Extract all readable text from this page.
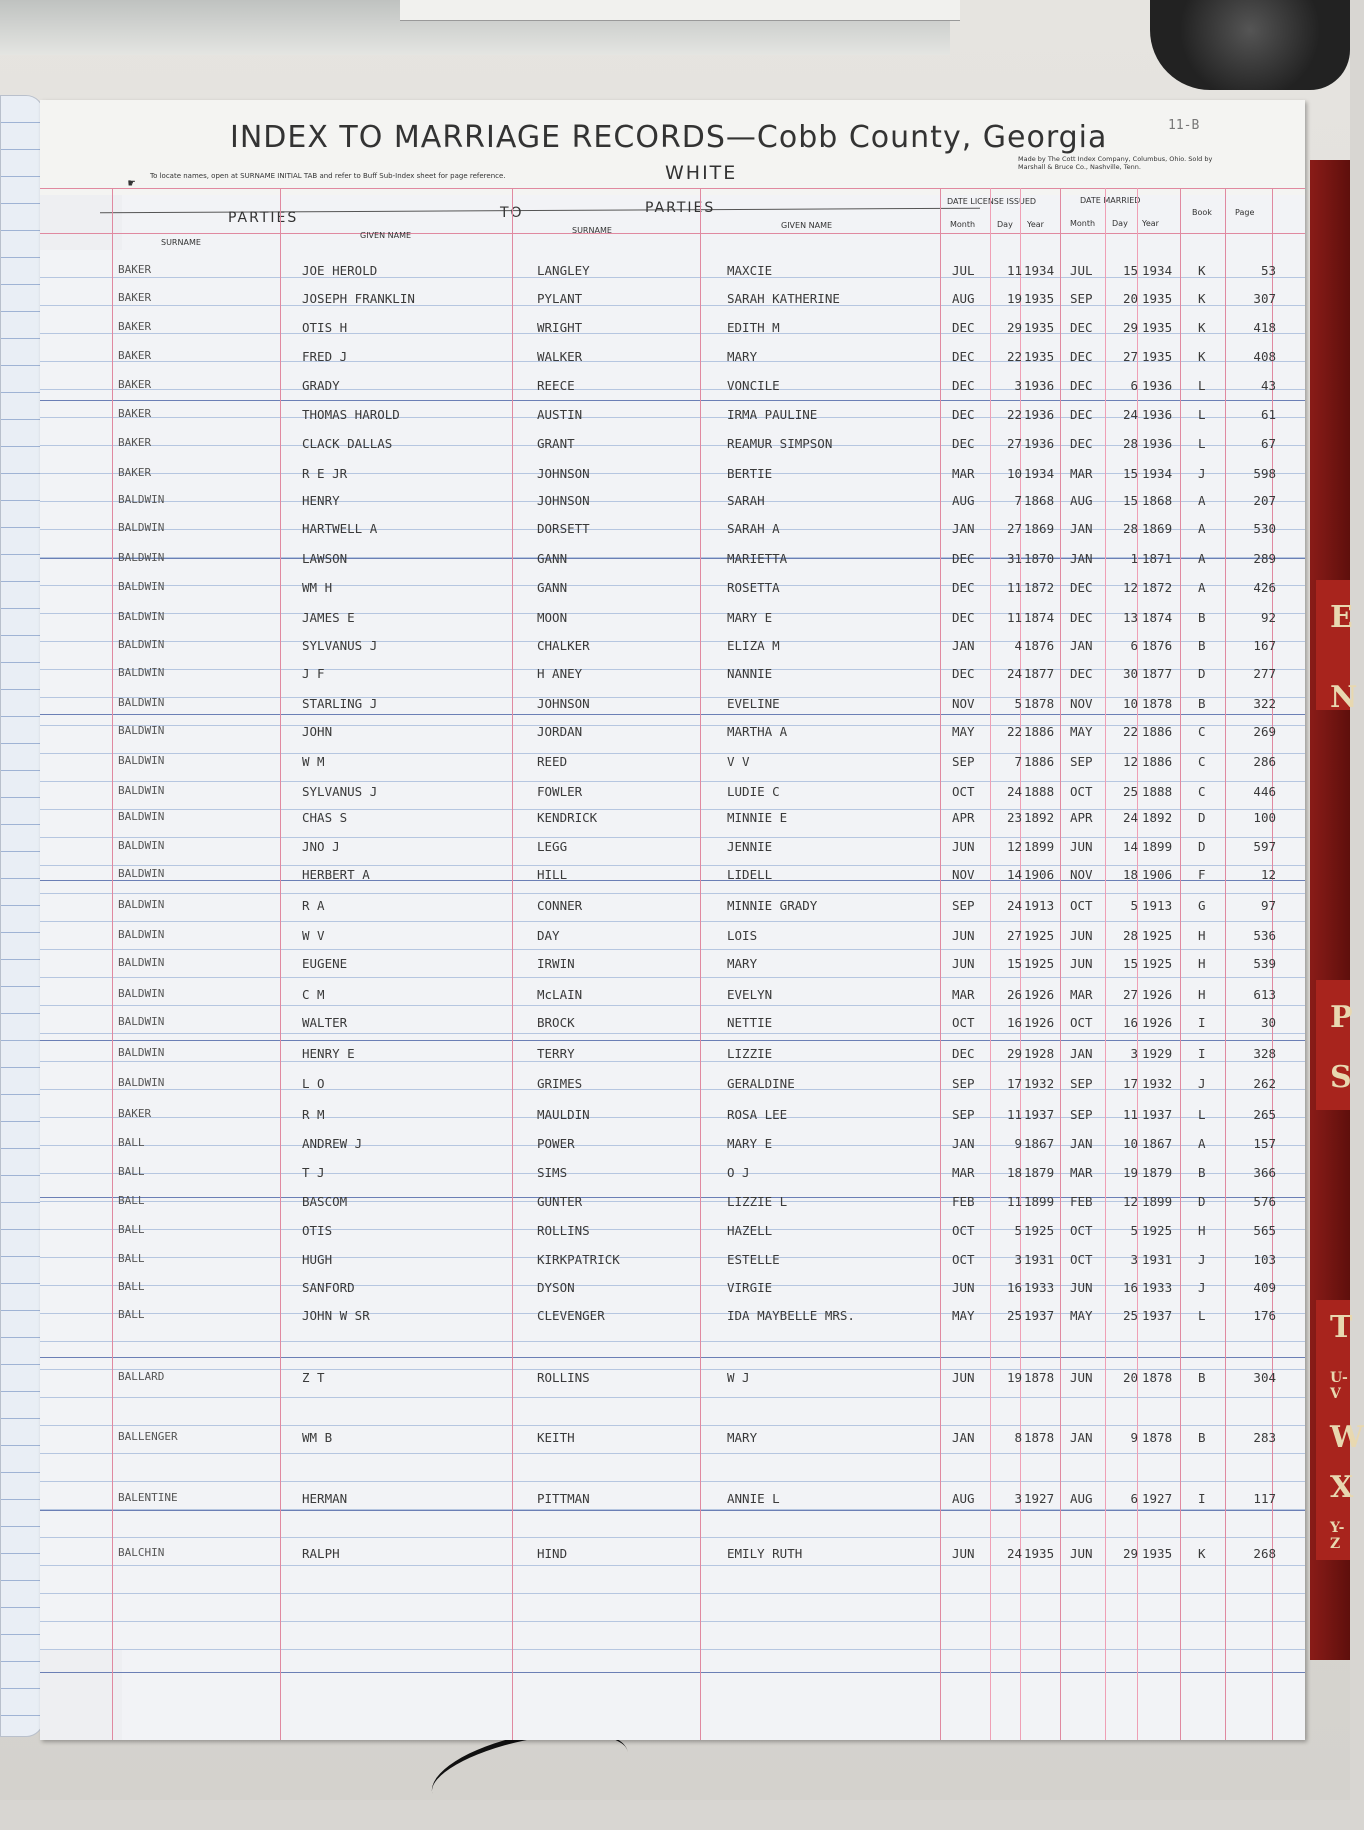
E
N
P
S
T
U-V
W
X
Y-Z
INDEX TO MARRIAGE RECORDS—Cobb County, Georgia
WHITE
11-B
☛ To locate names, open at SURNAME INITIAL TAB and refer to Buff Sub-Index sheet for page reference.
Made by The Cott Index Company, Columbus, Ohio. Sold by Marshall & Bruce Co., Nashville, Tenn.
PARTIES	TO	PARTIES
SURNAME
GIVEN NAME
SURNAME
GIVEN NAME
DATE LICENSE ISSUED	DATE MARRIED
Month	Day Year	Month Day Year
Book	Page
BAKER	JOE HEROLD	LANGLEY	MAXCIE	JUL	11 1934 JUL	15 1934 K	53
BAKER	JOSEPH FRANKLIN	PYLANT	SARAH KATHERINE	AUG	19 1935 SEP	20 1935 K	307
BAKER	OTIS H	WRIGHT	EDITH M	DEC	29 1935 DEC	29 1935 K	418
BAKER	FRED J	WALKER	MARY	DEC	22 1935 DEC	27 1935 K	408
BAKER	GRADY	REECE	VONCILE	DEC	3 1936 DEC	6 1936 L	43
BAKER	THOMAS HAROLD	AUSTIN	IRMA PAULINE	DEC	22 1936 DEC	24 1936 L	61
BAKER	CLACK DALLAS	GRANT	REAMUR SIMPSON	DEC	27 1936 DEC	28 1936 L	67
BAKER	R E JR	JOHNSON	BERTIE	MAR	10 1934 MAR	15 1934 J	598
BALDWIN	HENRY	JOHNSON	SARAH	AUG	7 1868 AUG	15 1868 A	207
BALDWIN	HARTWELL A	DORSETT	SARAH A	JAN	27 1869 JAN	28 1869 A	530
BALDWIN	LAWSON	GANN	MARIETTA	DEC	31 1870 JAN	1 1871 A	289
BALDWIN	WM H	GANN	ROSETTA	DEC	11 1872 DEC	12 1872 A	426
BALDWIN	JAMES E	MOON	MARY E	DEC	11 1874 DEC	13 1874 B	92
BALDWIN	SYLVANUS J	CHALKER	ELIZA M	JAN	4 1876 JAN	6 1876 B	167
BALDWIN	J F	H ANEY	NANNIE	DEC	24 1877 DEC	30 1877 D	277
BALDWIN	STARLING J	JOHNSON	EVELINE	NOV	5 1878 NOV	10 1878 B	322
BALDWIN	JOHN	JORDAN	MARTHA A	MAY	22 1886 MAY	22 1886 C	269
BALDWIN	W M	REED	V V	SEP	7 1886 SEP	12 1886 C	286
BALDWIN	SYLVANUS J	FOWLER	LUDIE C	OCT	24 1888 OCT	25 1888 C	446
BALDWIN	CHAS S	KENDRICK	MINNIE E	APR	23 1892 APR	24 1892 D	100
BALDWIN	JNO J	LEGG	JENNIE	JUN	12 1899 JUN	14 1899 D	597
BALDWIN	HERBERT A	HILL	LIDELL	NOV	14 1906 NOV	18 1906 F	12
BALDWIN	R A	CONNER	MINNIE GRADY	SEP	24 1913 OCT	5 1913 G	97
BALDWIN	W V	DAY	LOIS	JUN	27 1925 JUN	28 1925 H	536
BALDWIN	EUGENE	IRWIN	MARY	JUN	15 1925 JUN	15 1925 H	539
BALDWIN	C M	McLAIN	EVELYN	MAR	26 1926 MAR	27 1926 H	613
BALDWIN	WALTER	BROCK	NETTIE	OCT	16 1926 OCT	16 1926 I	30
BALDWIN	HENRY E	TERRY	LIZZIE	DEC	29 1928 JAN	3 1929 I	328
BALDWIN	L O	GRIMES	GERALDINE	SEP	17 1932 SEP	17 1932 J	262
BAKER	R M	MAULDIN	ROSA LEE	SEP	11 1937 SEP	11 1937 L	265
BALL	ANDREW J	POWER	MARY E	JAN	9 1867 JAN	10 1867 A	157
BALL	T J	SIMS	O J	MAR	18 1879 MAR	19 1879 B	366
BALL	BASCOM	GUNTER	LIZZIE L	FEB	11 1899 FEB	12 1899 D	576
BALL	OTIS	ROLLINS	HAZELL	OCT	5 1925 OCT	5 1925 H	565
BALL	HUGH	KIRKPATRICK	ESTELLE	OCT	3 1931 OCT	3 1931 J	103
BALL	SANFORD	DYSON	VIRGIE	JUN	16 1933 JUN	16 1933 J	409
BALL	JOHN W SR	CLEVENGER	IDA MAYBELLE MRS.	MAY	25 1937 MAY	25 1937 L	176
BALLARD	Z T	ROLLINS	W J	JUN	19 1878 JUN	20 1878 B	304
BALLENGER	WM B	KEITH	MARY	JAN	8 1878 JAN	9 1878 B	283
BALENTINE	HERMAN	PITTMAN	ANNIE L	AUG	3 1927 AUG	6 1927 I	117
BALCHIN	RALPH	HIND	EMILY RUTH	JUN	24 1935 JUN	29 1935 K	268
